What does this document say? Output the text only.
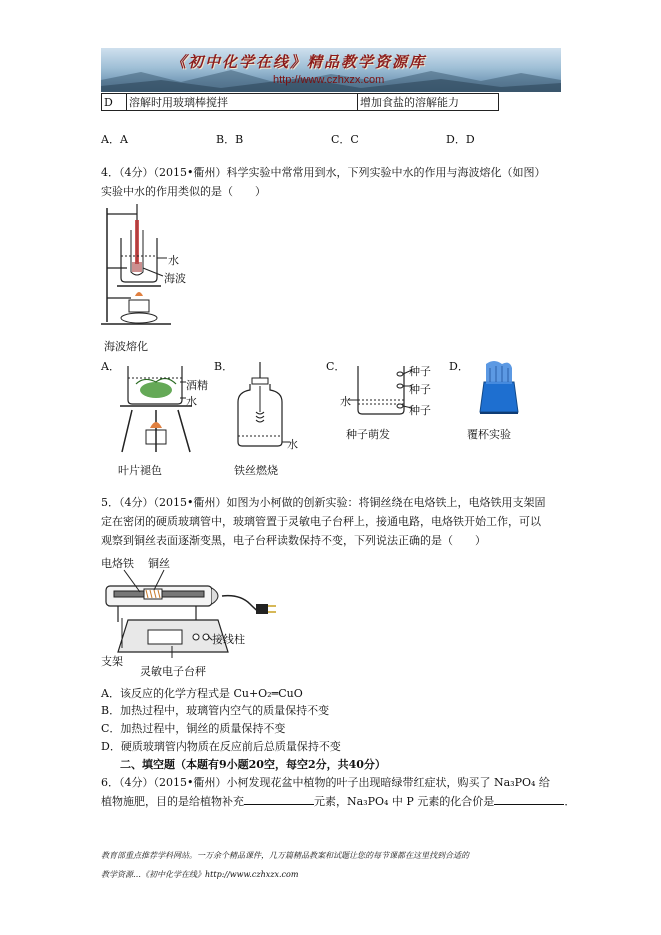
《初中化学在线》精品教学资源库
http://www.czhxzx.com
D	溶解时用玻璃棒搅拌	增加食盐的溶解能力
A．A	B．B	C．C	D．D
4．（4分）（2015•衢州）科学实验中常常用到水，下列实验中水的作用与海波熔化（如图）
实验中水的作用类似的是（　　）
水
海波
海波熔化
A．
酒精
水
叶片褪色
B．
水
铁丝燃烧
C．	种子
种子
种子
水
种子萌发
D．
覆杯实验
5．（4分）（2015•衢州）如图为小柯做的创新实验：将铜丝绕在电烙铁上，电烙铁用支架固
定在密闭的硬质玻璃管中，玻璃管置于灵敏电子台秤上，接通电路，电烙铁开始工作，可以
观察到铜丝表面逐渐变黑，电子台秤读数保持不变，下列说法正确的是（　　）
电烙铁 铜丝
接线柱
支架
灵敏电子台秤
A．该反应的化学方程式是 Cu+O₂═CuO
B．加热过程中，玻璃管内空气的质量保持不变
C．加热过程中，铜丝的质量保持不变
D．硬质玻璃管内物质在反应前后总质量保持不变
二、填空题（本题有9小题20空，每空2分，共40分）
6．（4分）（2015•衢州）小柯发现花盆中植物的叶子出现暗绿带红症状，购买了 Na₃PO₄ 给
植物施肥，目的是给植物补充	元素，Na₃PO₄ 中 P 元素的化合价是	．
教育部重点推荐学科网站。一万余个精品课件，几万篇精品教案和试题让您的每节课都在这里找到合适的
教学资源…《初中化学在线》http://www.czhxzx.com
